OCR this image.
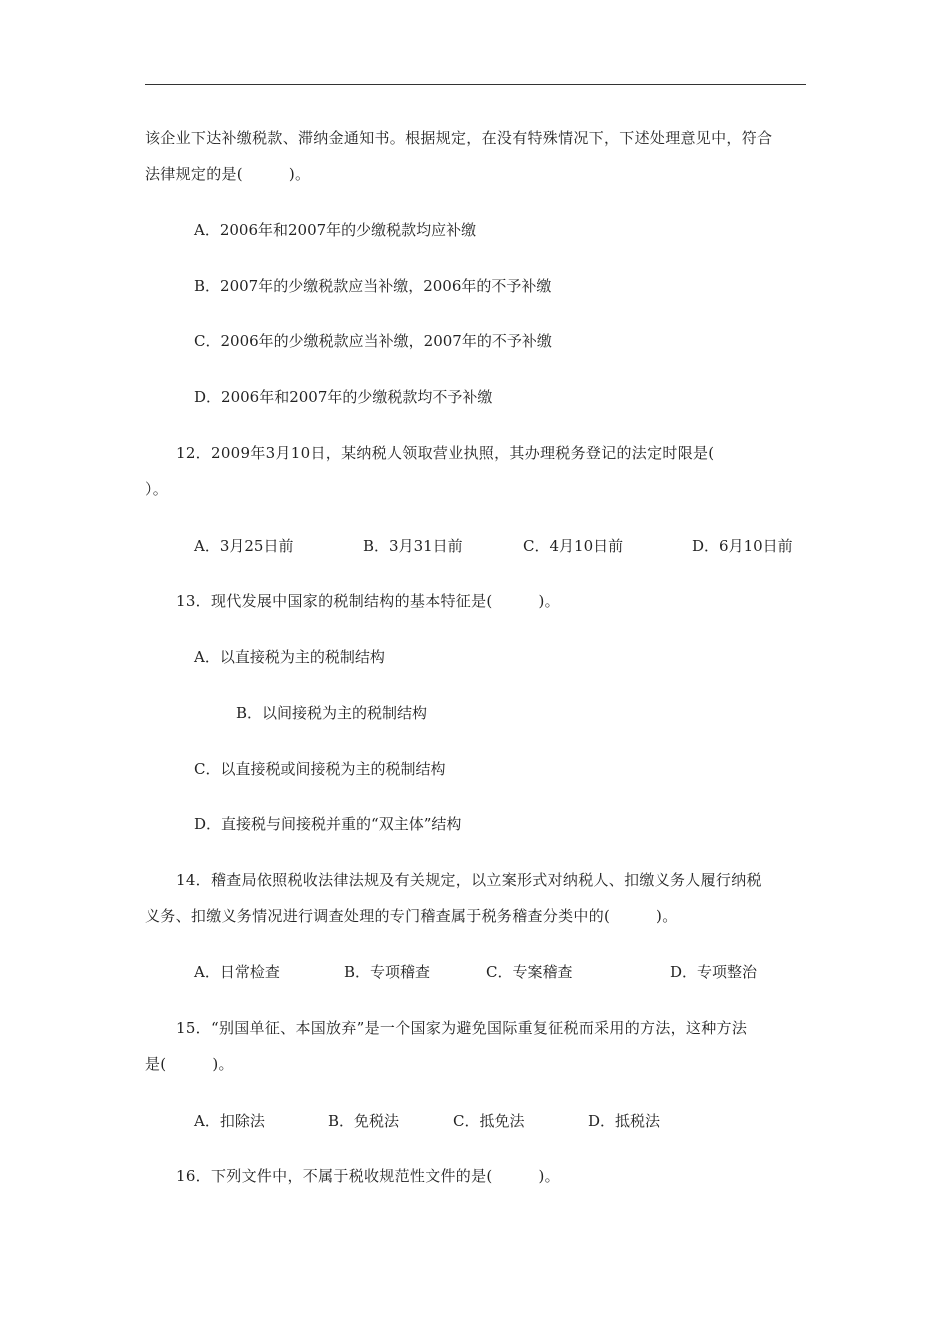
该企业下达补缴税款、滞纳金通知书。根据规定，在没有特殊情况下，下述处理意见中，符合
法律规定的是(　　　)。
A．2006年和2007年的少缴税款均应补缴
B．2007年的少缴税款应当补缴，2006年的不予补缴
C．2006年的少缴税款应当补缴，2007年的不予补缴
D．2006年和2007年的少缴税款均不予补缴
12．2009年3月10日，某纳税人领取营业执照，其办理税务登记的法定时限是(
）。
A．3月25日前	B．3月31日前	C．4月10日前	D．6月10日前
13．现代发展中国家的税制结构的基本特征是(　　　)。
A．以直接税为主的税制结构
B．以间接税为主的税制结构
C．以直接税或间接税为主的税制结构
D．直接税与间接税并重的“双主体”结构
14．稽查局依照税收法律法规及有关规定，以立案形式对纳税人、扣缴义务人履行纳税
义务、扣缴义务情况进行调查处理的专门稽查属于税务稽查分类中的(　　　)。
A．日常检查	B．专项稽查	C．专案稽查	D．专项整治
15．“别国单征、本国放弃”是一个国家为避免国际重复征税而采用的方法，这种方法
是(　　　)。
A．扣除法	B．免税法	C．抵免法	D．抵税法
16．下列文件中，不属于税收规范性文件的是(　　　)。
